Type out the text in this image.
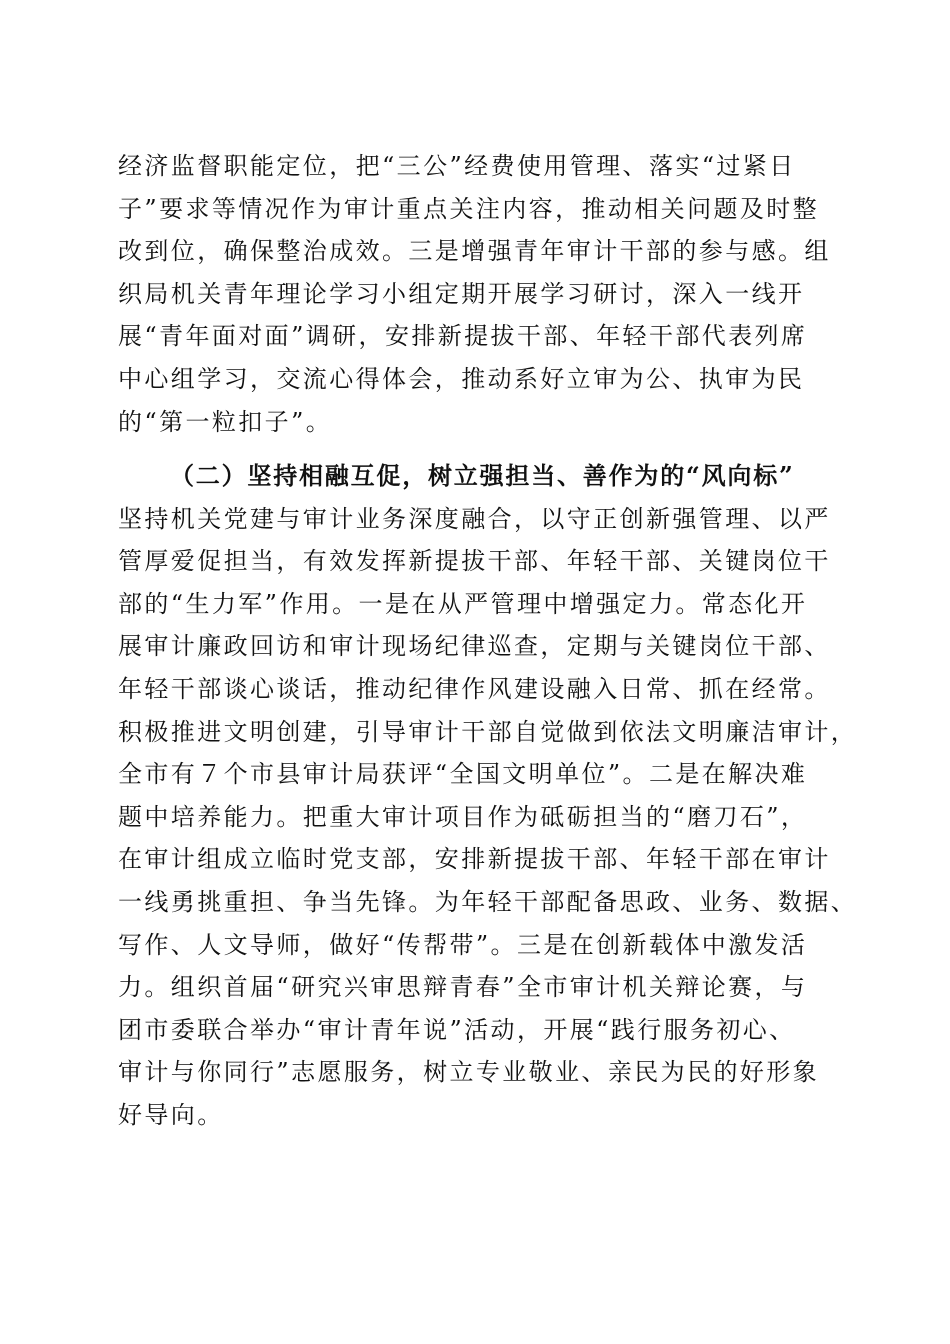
经济监督职能定位，把“三公”经费使用管理、落实“过紧日
子”要求等情况作为审计重点关注内容，推动相关问题及时整
改到位，确保整治成效。三是增强青年审计干部的参与感。组
织局机关青年理论学习小组定期开展学习研讨，深入一线开
展“青年面对面”调研，安排新提拔干部、年轻干部代表列席
中心组学习，交流心得体会，推动系好立审为公、执审为民
的“第一粒扣子”。
（二）坚持相融互促，树立强担当、善作为的“风向标”
坚持机关党建与审计业务深度融合，以守正创新强管理、以严
管厚爱促担当，有效发挥新提拔干部、年轻干部、关键岗位干
部的“生力军”作用。一是在从严管理中增强定力。常态化开
展审计廉政回访和审计现场纪律巡查，定期与关键岗位干部、
年轻干部谈心谈话，推动纪律作风建设融入日常、抓在经常。
积极推进文明创建，引导审计干部自觉做到依法文明廉洁审计，
全市有７个市县审计局获评“全国文明单位”。二是在解决难
题中培养能力。把重大审计项目作为砥砺担当的“磨刀石”，
在审计组成立临时党支部，安排新提拔干部、年轻干部在审计
一线勇挑重担、争当先锋。为年轻干部配备思政、业务、数据、
写作、人文导师，做好“传帮带”。三是在创新载体中激发活
力。组织首届“研究兴审思辩青春”全市审计机关辩论赛，与
团市委联合举办“审计青年说”活动，开展“践行服务初心、
审计与你同行”志愿服务，树立专业敬业、亲民为民的好形象
好导向。
